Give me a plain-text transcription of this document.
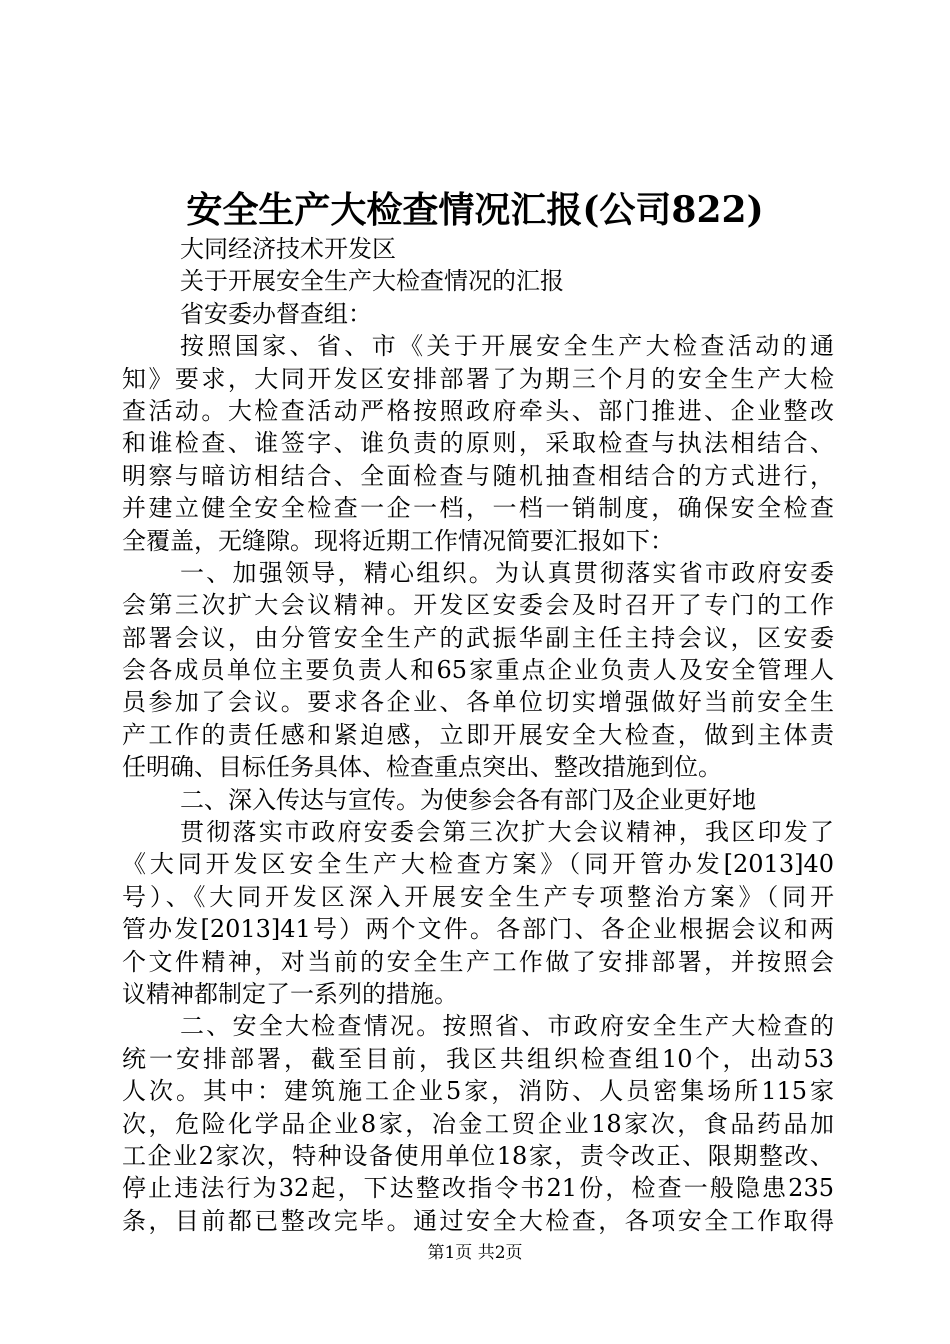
安全生产大检查情况汇报(公司822)
大同经济技术开发区
关于开展安全生产大检查情况的汇报
省安委办督查组：
按照国家、省、市《关于开展安全生产大检查活动的通
知》要求，大同开发区安排部署了为期三个月的安全生产大检
查活动。大检查活动严格按照政府牵头、部门推进、企业整改
和谁检查、谁签字、谁负责的原则，采取检查与执法相结合、
明察与暗访相结合、全面检查与随机抽查相结合的方式进行，
并建立健全安全检查一企一档，一档一销制度，确保安全检查
全覆盖，无缝隙。现将近期工作情况简要汇报如下：
一、加强领导，精心组织。为认真贯彻落实省市政府安委
会第三次扩大会议精神。开发区安委会及时召开了专门的工作
部署会议，由分管安全生产的武振华副主任主持会议，区安委
会各成员单位主要负责人和65家重点企业负责人及安全管理人
员参加了会议。要求各企业、各单位切实增强做好当前安全生
产工作的责任感和紧迫感，立即开展安全大检查，做到主体责
任明确、目标任务具体、检查重点突出、整改措施到位。
二、深入传达与宣传。为使参会各有部门及企业更好地
贯彻落实市政府安委会第三次扩大会议精神，我区印发了
《大同开发区安全生产大检查方案》（同开管办发[2013]40
号）、《大同开发区深入开展安全生产专项整治方案》（同开
管办发[2013]41号）两个文件。各部门、各企业根据会议和两
个文件精神，对当前的安全生产工作做了安排部署，并按照会
议精神都制定了一系列的措施。
二、安全大检查情况。按照省、市政府安全生产大检查的
统一安排部署，截至目前，我区共组织检查组10个，出动53
人次。其中：建筑施工企业5家，消防、人员密集场所115家
次，危险化学品企业8家，冶金工贸企业18家次，食品药品加
工企业2家次，特种设备使用单位18家，责令改正、限期整改、
停止违法行为32起，下达整改指令书21份，检查一般隐患235
条，目前都已整改完毕。通过安全大检查，各项安全工作取得
第1页 共2页
